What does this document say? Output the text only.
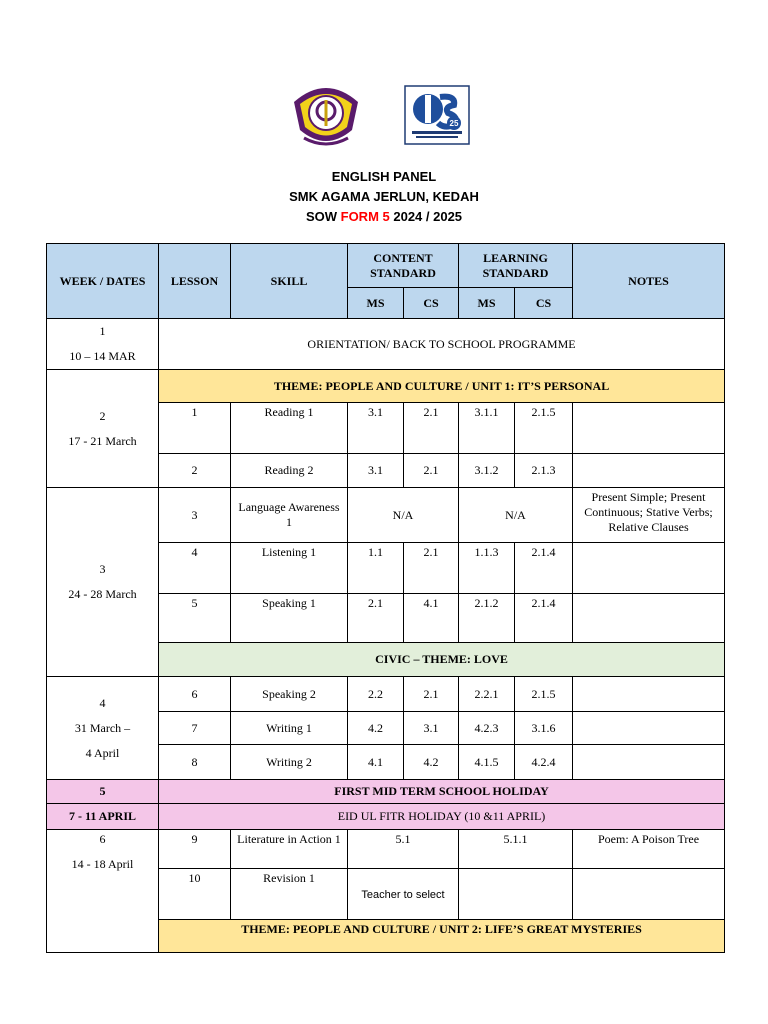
25
ENGLISH PANEL
SMK AGAMA JERLUN, KEDAH
SOW FORM 5 2024 / 2025
WEEK / DATES	LESSON	SKILL	CONTENT STANDARD		LEARNING STANDARD		NOTES
			MS	CS	MS	CS	

1
10 – 14 MAR	ORIENTATION/ BACK TO SCHOOL PROGRAMME						

2
17 - 21 March	THEME: PEOPLE AND CULTURE / UNIT 1: IT’S PERSONAL						
	1	Reading 1	3.1	2.1	3.1.1	2.1.5	
	2	Reading 2	3.1	2.1	3.1.2	2.1.3	

3
24 - 28 March	3	Language Awareness 1	N/A		N/A		Present Simple; Present Continuous; Stative Verbs; Relative Clauses
	4	Listening 1	1.1	2.1	1.1.3	2.1.4	
	5	Speaking 1	2.1	4.1	2.1.2	2.1.4	
	CIVIC – THEME: LOVE						

4
31 March –
4 April	6	Speaking 2	2.2	2.1	2.2.1	2.1.5	
	7	Writing 1	4.2	3.1	4.2.3	3.1.6	
	8	Writing 2	4.1	4.2	4.1.5	4.2.4	
5	FIRST MID TERM SCHOOL HOLIDAY						
7 - 11 APRIL	EID UL FITR HOLIDAY (10 &11 APRIL)						

6
14 - 18 April	9	Literature in Action 1	5.1		5.1.1		Poem: A Poison Tree
	10	Revision 1	Teacher to select				
	THEME: PEOPLE AND CULTURE / UNIT 2: LIFE’S GREAT MYSTERIES						
